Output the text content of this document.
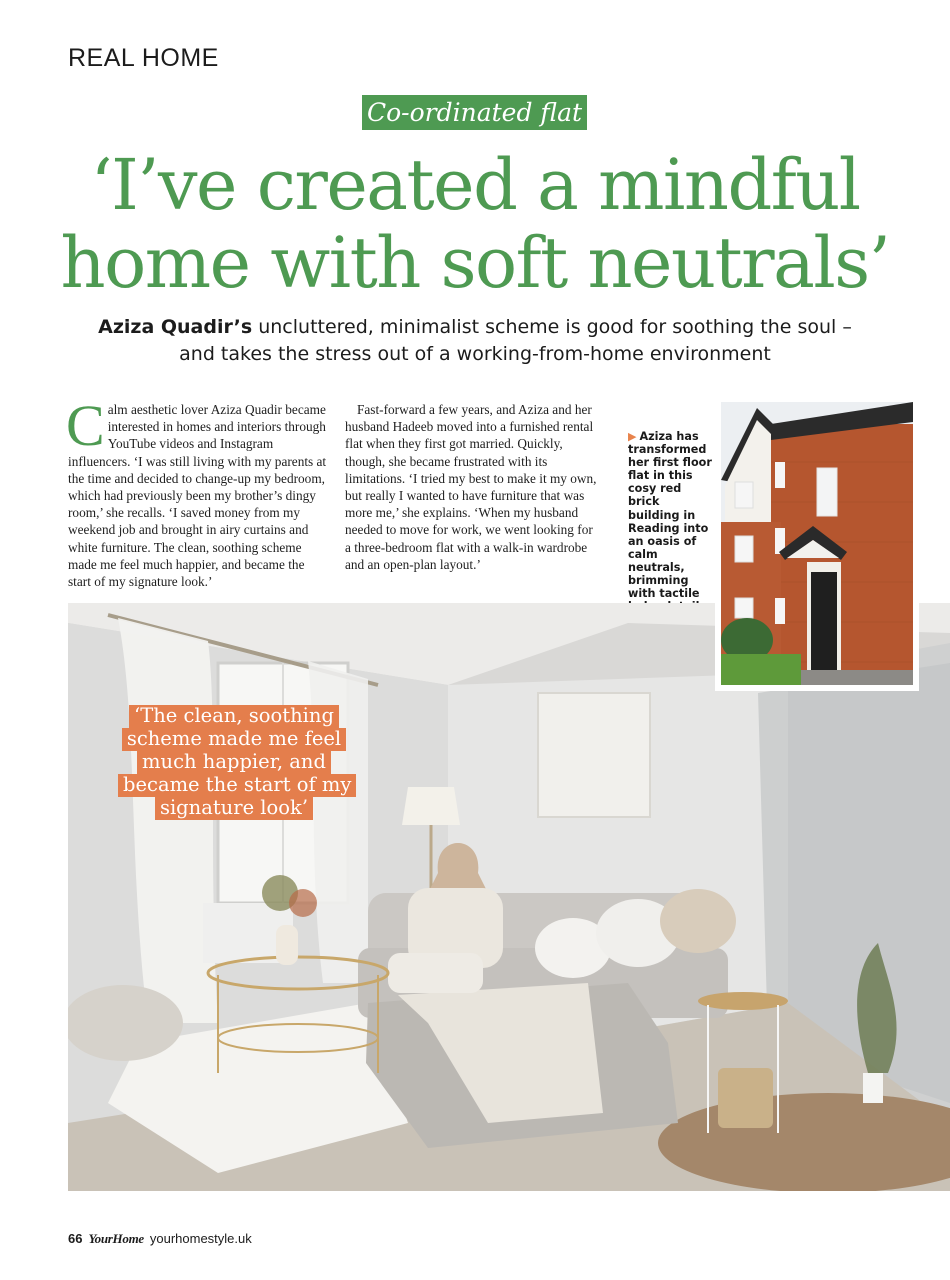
REAL HOME
Co-ordinated flat
‘I’ve created a mindful
home with soft neutrals’
Aziza Quadir’s uncluttered, minimalist scheme is good for soothing the soul –
and takes the stress out of a working-from-home environment
Calm aesthetic lover Aziza Quadir became interested in homes and interiors through YouTube videos and Instagram influencers. ‘I was still living with my parents at the time and decided to change-up my bedroom, which had previously been my brother’s dingy room,’ she recalls. ‘I saved money from my weekend job and brought in airy curtains and white furniture. The clean, soothing scheme made me feel much happier, and became the start of my signature look.’
Fast-forward a few years, and Aziza and her husband Hadeeb moved into a furnished rental flat when they first got married. Quickly, though, she became frustrated with its limitations. ‘I tried my best to make it my own, but really I wanted to have furniture that was more me,’ she explains. ‘When my husband needed to move for work, we went looking for a three-bedroom flat with a walk-in wardrobe and an open-plan layout.’
▶ Aziza has transformed her first floor flat in this cosy red brick building in Reading into an oasis of calm neutrals, brimming with tactile
‘The clean, soothing
scheme made me feel
much happier, and
became the start of my
signature look’
66 YourHome yourhomestyle.uk
